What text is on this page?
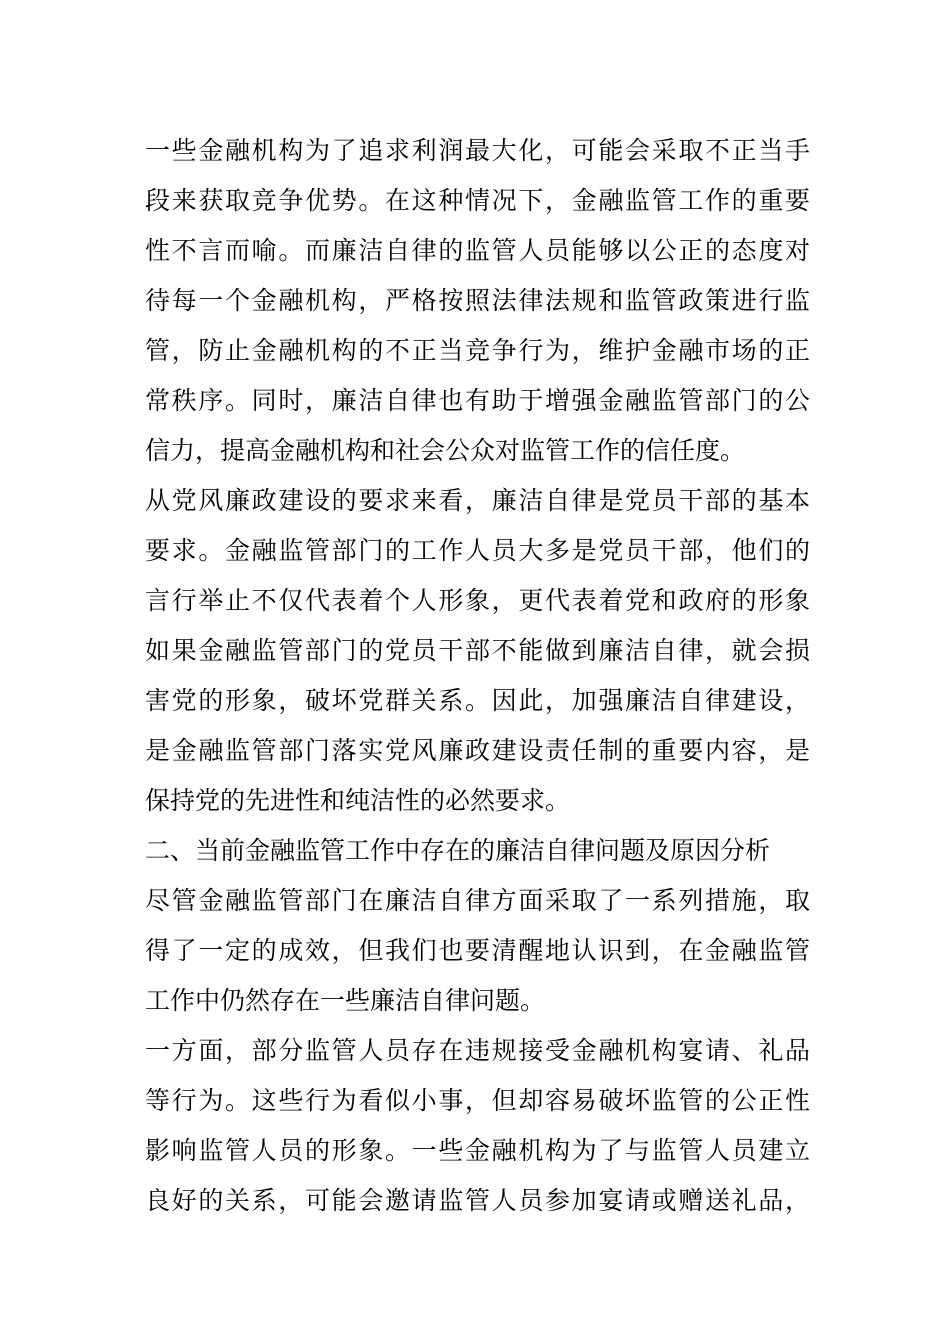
一些金融机构为了追求利润最大化，可能会采取不正当手
段来获取竞争优势。在这种情况下，金融监管工作的重要
性不言而喻。而廉洁自律的监管人员能够以公正的态度对
待每一个金融机构，严格按照法律法规和监管政策进行监
管，防止金融机构的不正当竞争行为，维护金融市场的正
常秩序。同时，廉洁自律也有助于增强金融监管部门的公
信力，提高金融机构和社会公众对监管工作的信任度。
从党风廉政建设的要求来看，廉洁自律是党员干部的基本
要求。金融监管部门的工作人员大多是党员干部，他们的
言行举止不仅代表着个人形象，更代表着党和政府的形象
如果金融监管部门的党员干部不能做到廉洁自律，就会损
害党的形象，破坏党群关系。因此，加强廉洁自律建设，
是金融监管部门落实党风廉政建设责任制的重要内容，是
保持党的先进性和纯洁性的必然要求。
二、当前金融监管工作中存在的廉洁自律问题及原因分析
尽管金融监管部门在廉洁自律方面采取了一系列措施，取
得了一定的成效，但我们也要清醒地认识到，在金融监管
工作中仍然存在一些廉洁自律问题。
一方面，部分监管人员存在违规接受金融机构宴请、礼品
等行为。这些行为看似小事，但却容易破坏监管的公正性
影响监管人员的形象。一些金融机构为了与监管人员建立
良好的关系，可能会邀请监管人员参加宴请或赠送礼品，
